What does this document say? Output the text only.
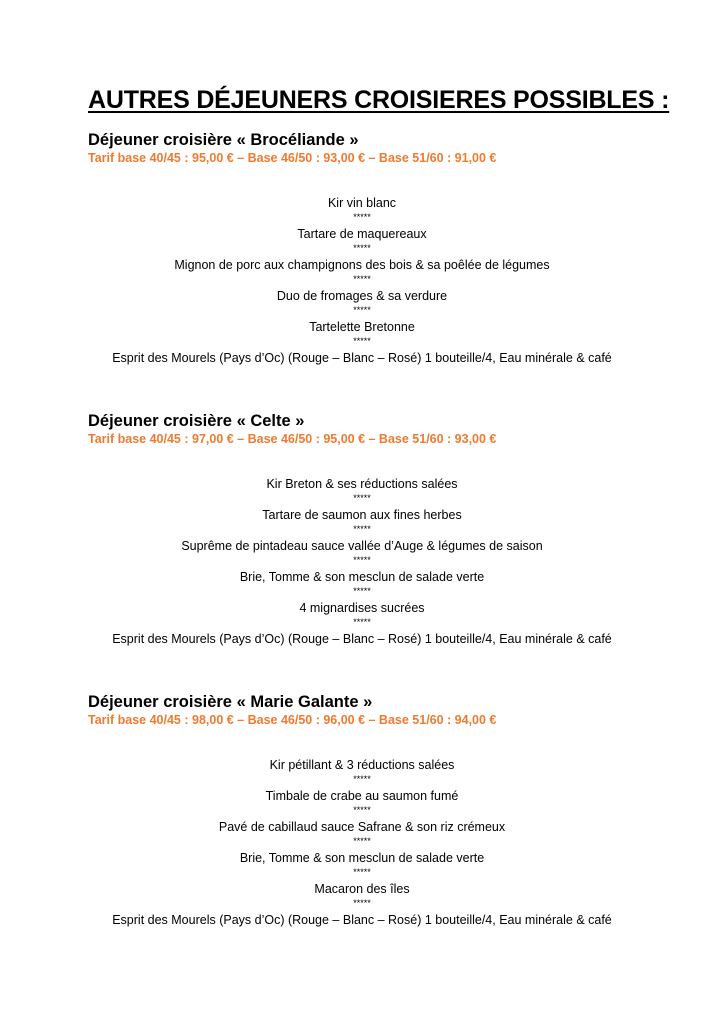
AUTRES DÉJEUNERS CROISIERES POSSIBLES :
Déjeuner croisière « Brocéliande »

Tarif base 40/45 : 95,00 € – Base 46/50 : 93,00 € – Base 51/60 : 91,00 €

Kir vin blanc
*****
Tartare de maquereaux
*****
Mignon de porc aux champignons des bois & sa poêlée de légumes
*****
Duo de fromages & sa verdure
*****
Tartelette Bretonne
*****
Esprit des Mourels (Pays d’Oc) (Rouge – Blanc – Rosé) 1 bouteille/4, Eau minérale & café
Déjeuner croisière « Celte »

Tarif base 40/45 : 97,00 € – Base 46/50 : 95,00 € – Base 51/60 : 93,00 €

Kir Breton & ses réductions salées
*****
Tartare de saumon aux fines herbes
*****
Suprême de pintadeau sauce vallée d’Auge & légumes de saison
*****
Brie, Tomme & son mesclun de salade verte
*****
4 mignardises sucrées
*****
Esprit des Mourels (Pays d’Oc) (Rouge – Blanc – Rosé) 1 bouteille/4, Eau minérale & café
Déjeuner croisière « Marie Galante »

Tarif base 40/45 : 98,00 € – Base 46/50 : 96,00 € – Base 51/60 : 94,00 €

Kir pétillant & 3 réductions salées
*****
Timbale de crabe au saumon fumé
*****
Pavé de cabillaud sauce Safrane & son riz crémeux
*****
Brie, Tomme & son mesclun de salade verte
*****
Macaron des îles
*****
Esprit des Mourels (Pays d’Oc) (Rouge – Blanc – Rosé) 1 bouteille/4, Eau minérale & café
